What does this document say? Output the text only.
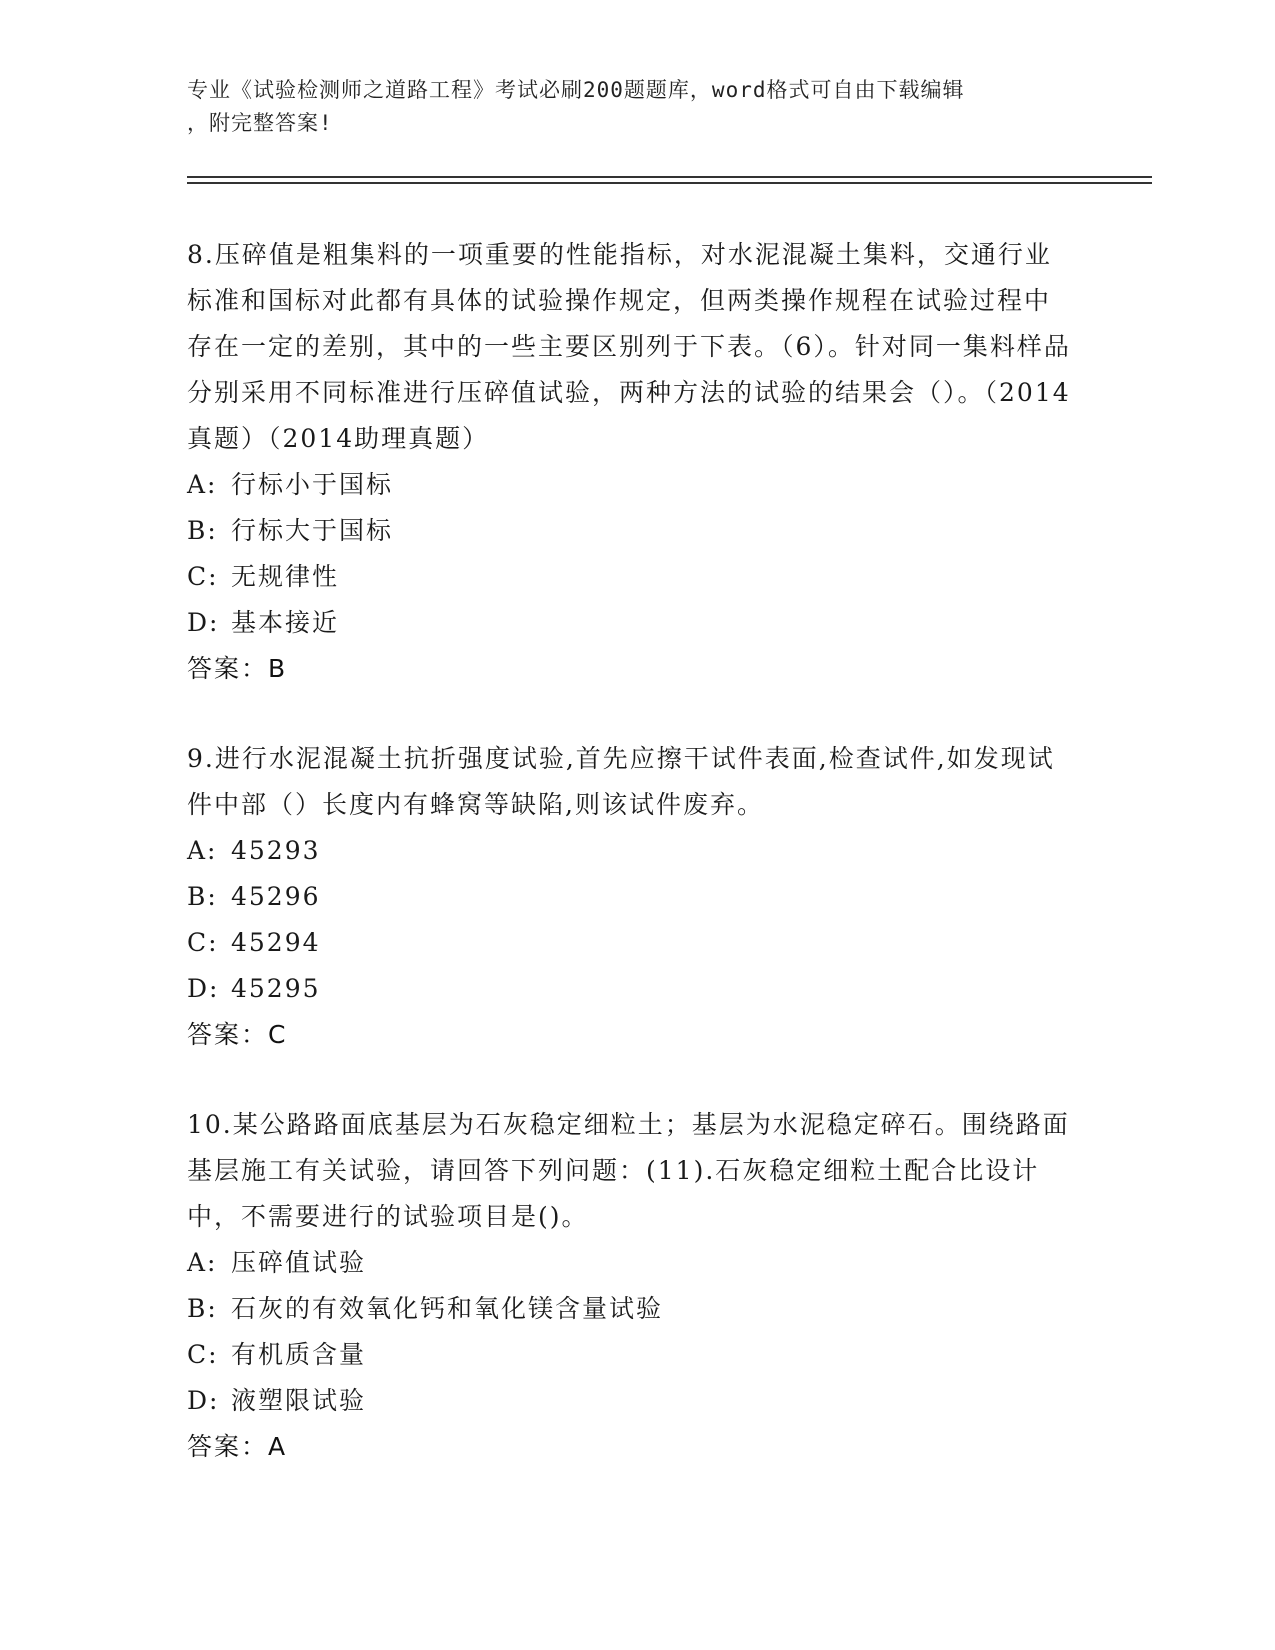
专业《试验检测师之道路工程》考试必刷200题题库，word格式可自由下载编辑
，附完整答案!

8.压碎值是粗集料的一项重要的性能指标，对水泥混凝土集料，交通行业标准和国标对此都有具体的试验操作规定，但两类操作规程在试验过程中存在一定的差别，其中的一些主要区别列于下表。（6）。针对同一集料样品分别采用不同标准进行压碎值试验，两种方法的试验的结果会（）。（2014真题）（2014助理真题）

A: 行标小于国标

B: 行标大于国标

C: 无规律性

D: 基本接近

答案：B

9.进行水泥混凝土抗折强度试验,首先应擦干试件表面,检查试件,如发现试件中部（）长度内有蜂窝等缺陷,则该试件废弃。

A: 45293

B: 45296

C: 45294

D: 45295

答案：C

10.某公路路面底基层为石灰稳定细粒土；基层为水泥稳定碎石。围绕路面基层施工有关试验，请回答下列问题：(11).石灰稳定细粒土配合比设计中，不需要进行的试验项目是()。

A: 压碎值试验

B: 石灰的有效氧化钙和氧化镁含量试验

C: 有机质含量

D: 液塑限试验

答案：A
